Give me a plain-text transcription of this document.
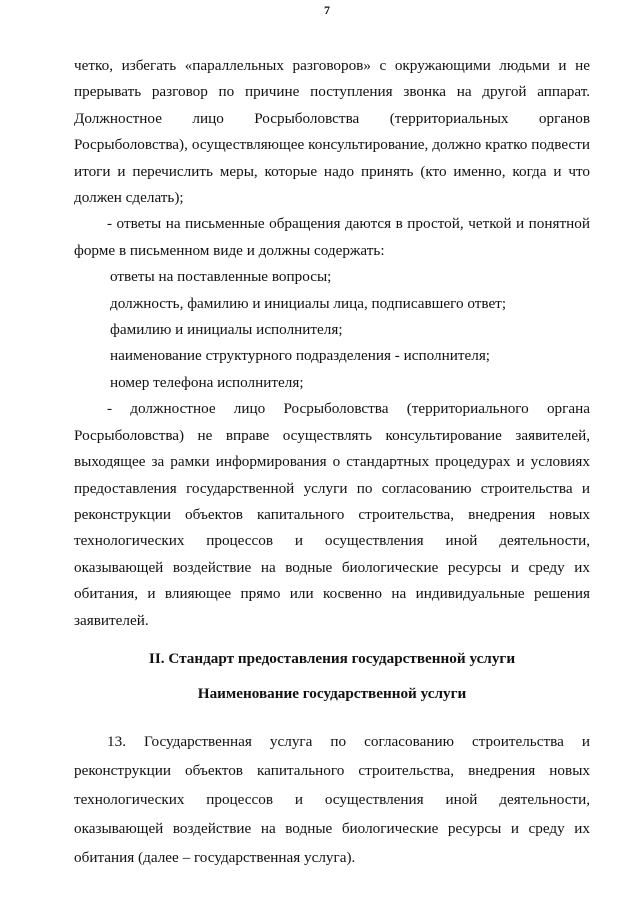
7

четко, избегать «параллельных разговоров» с окружающими людьми и не прерывать разговор по причине поступления звонка на другой аппарат. Должностное лицо Росрыболовства (территориальных органов Росрыболовства), осуществляющее консультирование, должно кратко подвести итоги и перечислить меры, которые надо принять (кто именно, когда и что должен сделать);

- ответы на письменные обращения даются в простой, четкой и понятной форме в письменном виде и должны содержать:

ответы на поставленные вопросы;

должность, фамилию и инициалы лица, подписавшего ответ;

фамилию и инициалы исполнителя;

наименование структурного подразделения - исполнителя;

номер телефона исполнителя;

- должностное лицо Росрыболовства (территориального органа Росрыболовства) не вправе осуществлять консультирование заявителей, выходящее за рамки информирования о стандартных процедурах и условиях предоставления государственной услуги по согласованию строительства и реконструкции объектов капитального строительства, внедрения новых технологических процессов и осуществления иной деятельности, оказывающей воздействие на водные биологические ресурсы и среду их обитания, и влияющее прямо или косвенно на индивидуальные решения заявителей.

II. Стандарт предоставления государственной услуги
Наименование государственной услуги

13. Государственная услуга по согласованию строительства и реконструкции объектов капитального строительства, внедрения новых технологических процессов и осуществления иной деятельности, оказывающей воздействие на водные биологические ресурсы и среду их обитания (далее – государственная услуга).
